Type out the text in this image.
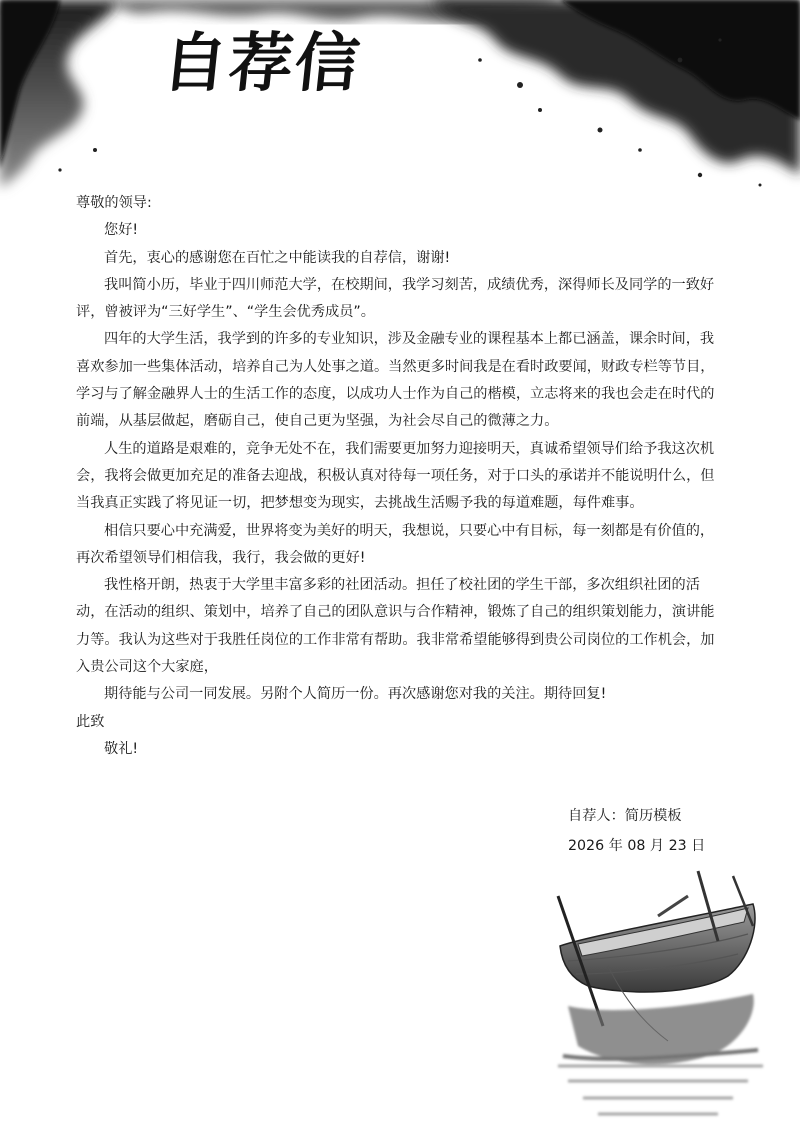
自荐信

尊敬的领导:

您好!

首先，衷心的感谢您在百忙之中能读我的自荐信，谢谢!

我叫简小历，毕业于四川师范大学，在校期间，我学习刻苦，成绩优秀，深得师长及同学的一致好评，曾被评为“三好学生”、“学生会优秀成员”。

四年的大学生活，我学到的许多的专业知识，涉及金融专业的课程基本上都已涵盖，课余时间，我喜欢参加一些集体活动，培养自己为人处事之道。当然更多时间我是在看时政要闻，财政专栏等节目，学习与了解金融界人士的生活工作的态度，以成功人士作为自己的楷模，立志将来的我也会走在时代的前端，从基层做起，磨砺自己，使自己更为坚强，为社会尽自己的微薄之力。

人生的道路是艰难的，竞争无处不在，我们需要更加努力迎接明天，真诚希望领导们给予我这次机会，我将会做更加充足的准备去迎战，积极认真对待每一项任务，对于口头的承诺并不能说明什么，但当我真正实践了将见证一切，把梦想变为现实，去挑战生活赐予我的每道难题，每件难事。

相信只要心中充满爱，世界将变为美好的明天，我想说，只要心中有目标，每一刻都是有价值的，再次希望领导们相信我，我行，我会做的更好!

我性格开朗，热衷于大学里丰富多彩的社团活动。担任了校社团的学生干部，多次组织社团的活动，在活动的组织、策划中，培养了自己的团队意识与合作精神，锻炼了自己的组织策划能力，演讲能力等。我认为这些对于我胜任岗位的工作非常有帮助。我非常希望能够得到贵公司岗位的工作机会，加入贵公司这个大家庭，

期待能与公司一同发展。另附个人简历一份。再次感谢您对我的关注。期待回复!

此致

敬礼!

自荐人：简历模板
2026 年 08 月 23 日
